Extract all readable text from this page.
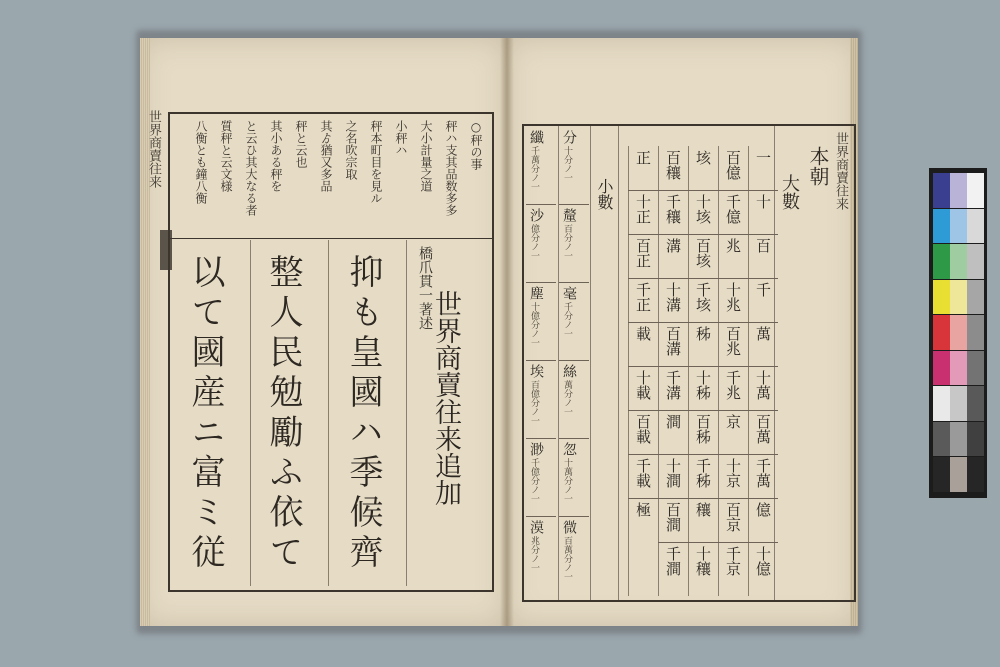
世界商賣往来	○秤の事
秤ハ支其品数多多
大小計量之道
小秤ハ　　　
秤本町目を見ル
之名吹宗取
其ゟ猶又多品
秤と云也
其小ある秤を
と云ひ其大なる者
質秤と云文様
八衡とも鐘八衡
橋爪貫一著述
世界商賣往来追加
抑も皇國ハ季候齊
整人民勉勵ふ依て
以て國産ニ富ミ従
世界商賣往来
本朝
大數
小數
一
十
百
千
萬
十萬
百萬
千萬
億
十億
百億
千億
兆
十兆
百兆
千兆
京
十京
百京
千京
垓
十垓
百垓
千垓
秭
十秭
百秭
千秭
穰
十穰
百穰
千穰
溝
十溝
百溝
千溝
澗
十澗
百澗
千澗
正
十正
百正
千正
載
十載
百載
千載
極
分
十分ノ一
釐
百分ノ一
毫
千分ノ一
絲
萬分ノ一
忽
十萬分ノ一
微
百萬分ノ一
纖
千萬分ノ一
沙
億分ノ一
塵
十億分ノ一
埃
百億分ノ一
渺
千億分ノ一
漠
兆分ノ一
